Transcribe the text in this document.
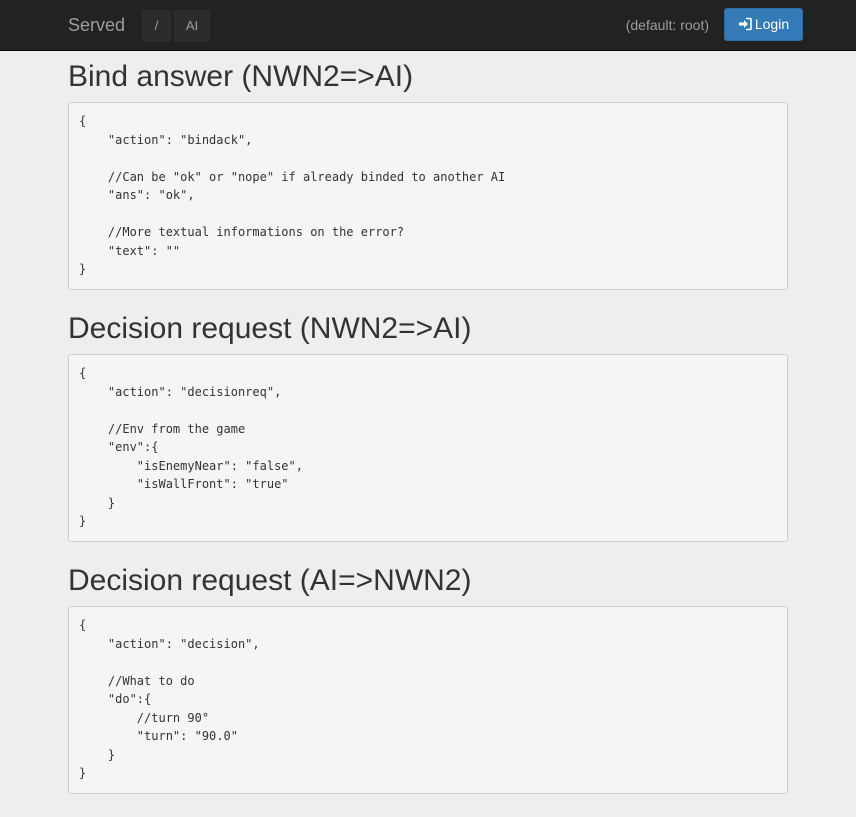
Served	/	AI	(default: root)	Login
Bind answer (NWN2=>AI)
{
"action": "bindack",

//Can be "ok" or "nope" if already binded to another AI
"ans": "ok",

//More textual informations on the error?
"text": ""
}
Decision request (NWN2=>AI)
{
"action": "decisionreq",

//Env from the game
"env":{
"isEnemyNear": "false",
"isWallFront": "true"
}
}
Decision request (AI=>NWN2)
{
"action": "decision",

//What to do
"do":{
//turn 90°
"turn": "90.0"
}
}
